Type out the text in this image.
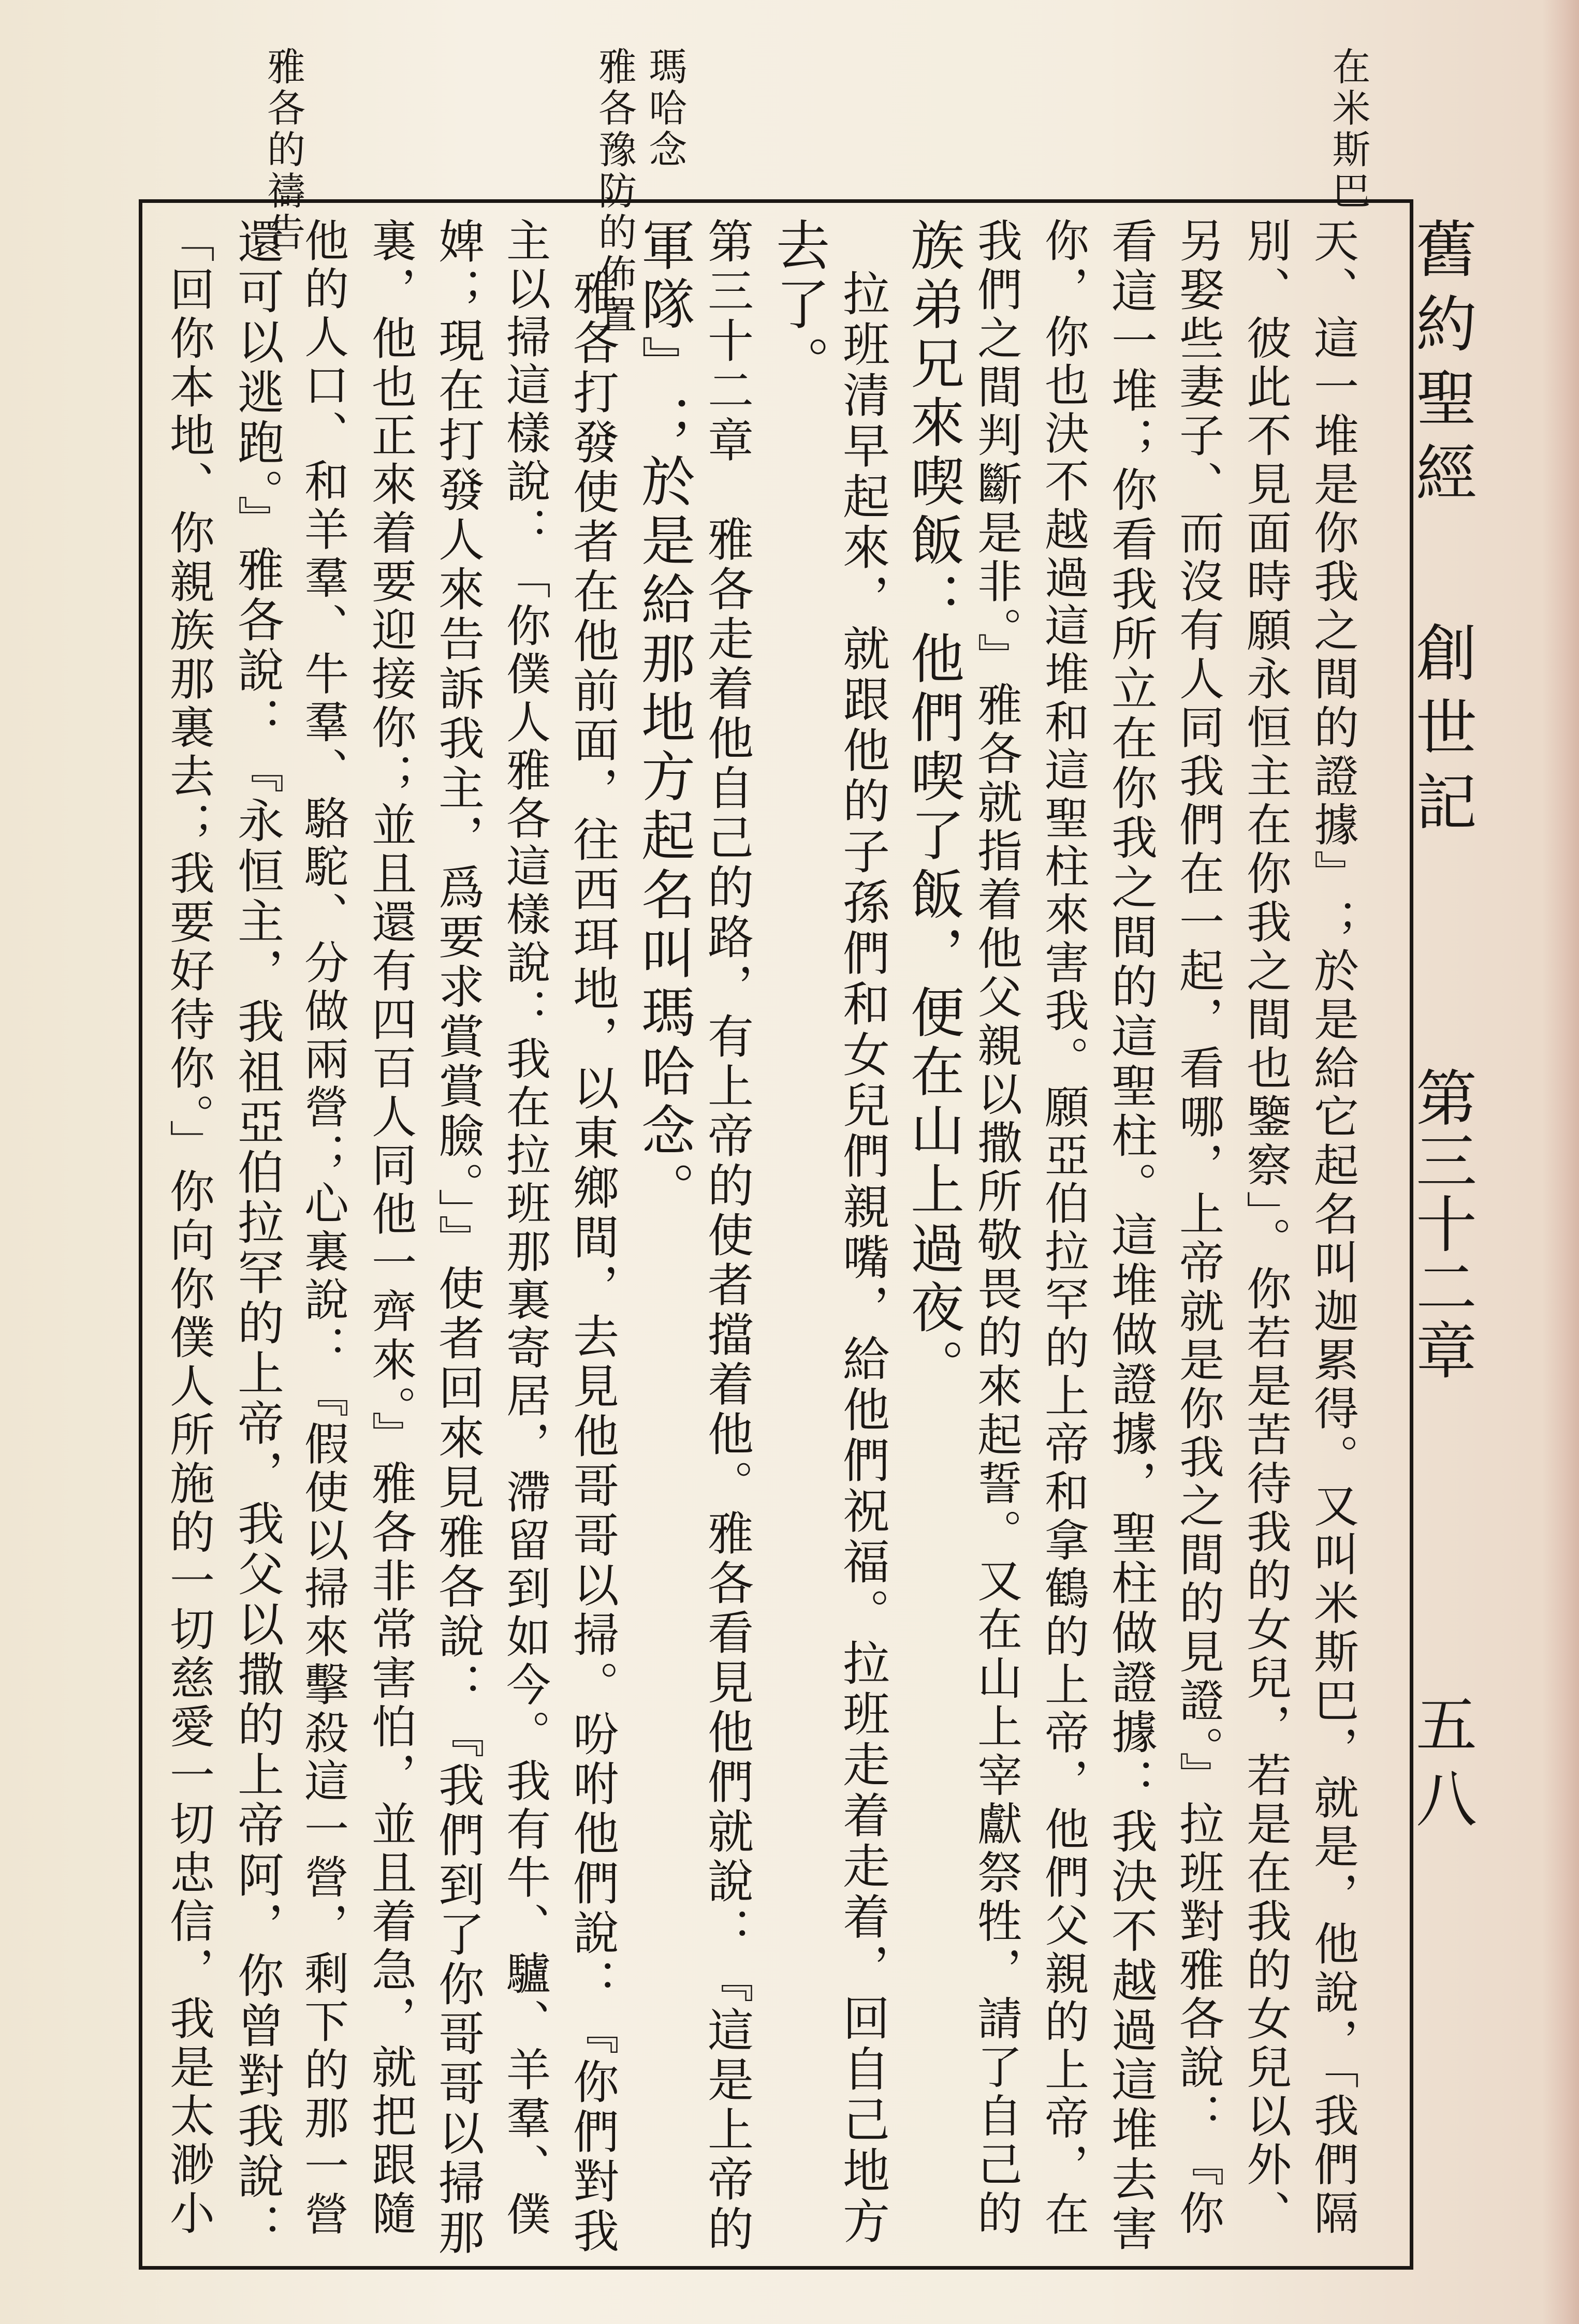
舊約聖經
創世記
第三十二章
五八
在米斯巴
瑪哈念
雅各豫防的佈置
雅各的禱告
天、這一堆是你我之間的證據』；於是給它起名叫迦累得。又叫米斯巴，就是，他說，「我們隔
別、彼此不見面時願永恒主在你我之間也鑒察」。你若是苦待我的女兒，若是在我的女兒以外、
另娶些妻子、而沒有人同我們在一起，看哪，上帝就是你我之間的見證。』拉班對雅各說：『你
看這一堆；你看我所立在你我之間的這聖柱。這堆做證據，聖柱做證據：我決不越過這堆去害
你，你也決不越過這堆和這聖柱來害我。願亞伯拉罕的上帝和拿鶴的上帝，他們父親的上帝，在
我們之間判斷是非。』雅各就指着他父親以撒所敬畏的來起誓。又在山上宰獻祭牲，請了自己的
族弟兄來喫飯：他們喫了飯，便在山上過夜。
拉班清早起來，就跟他的子孫們和女兒們親嘴，給他們祝福。拉班走着走着，回自己地方
去了。
第三十二章　雅各走着他自己的路，有上帝的使者擋着他。雅各看見他們就說：『這是上帝的
軍隊』；於是給那地方起名叫瑪哈念。
雅各打發使者在他前面，往西珥地，以東鄉間，去見他哥哥以掃。吩咐他們說：『你們對我
主以掃這樣說：「你僕人雅各這樣說：我在拉班那裏寄居，滯留到如今。我有牛、驢、羊羣、僕
婢；現在打發人來告訴我主，爲要求賞賞臉。」』使者回來見雅各說：『我們到了你哥哥以掃那
裏，他也正來着要迎接你；並且還有四百人同他一齊來。』雅各非常害怕，並且着急，就把跟隨
他的人口、和羊羣、牛羣、駱駝、分做兩營；心裏說：『假使以掃來擊殺這一營，剩下的那一營
還可以逃跑。』雅各說：『永恒主，我祖亞伯拉罕的上帝，我父以撒的上帝阿，你曾對我說：
「回你本地、你親族那裏去；我要好待你。」你向你僕人所施的一切慈愛一切忠信，我是太渺小
